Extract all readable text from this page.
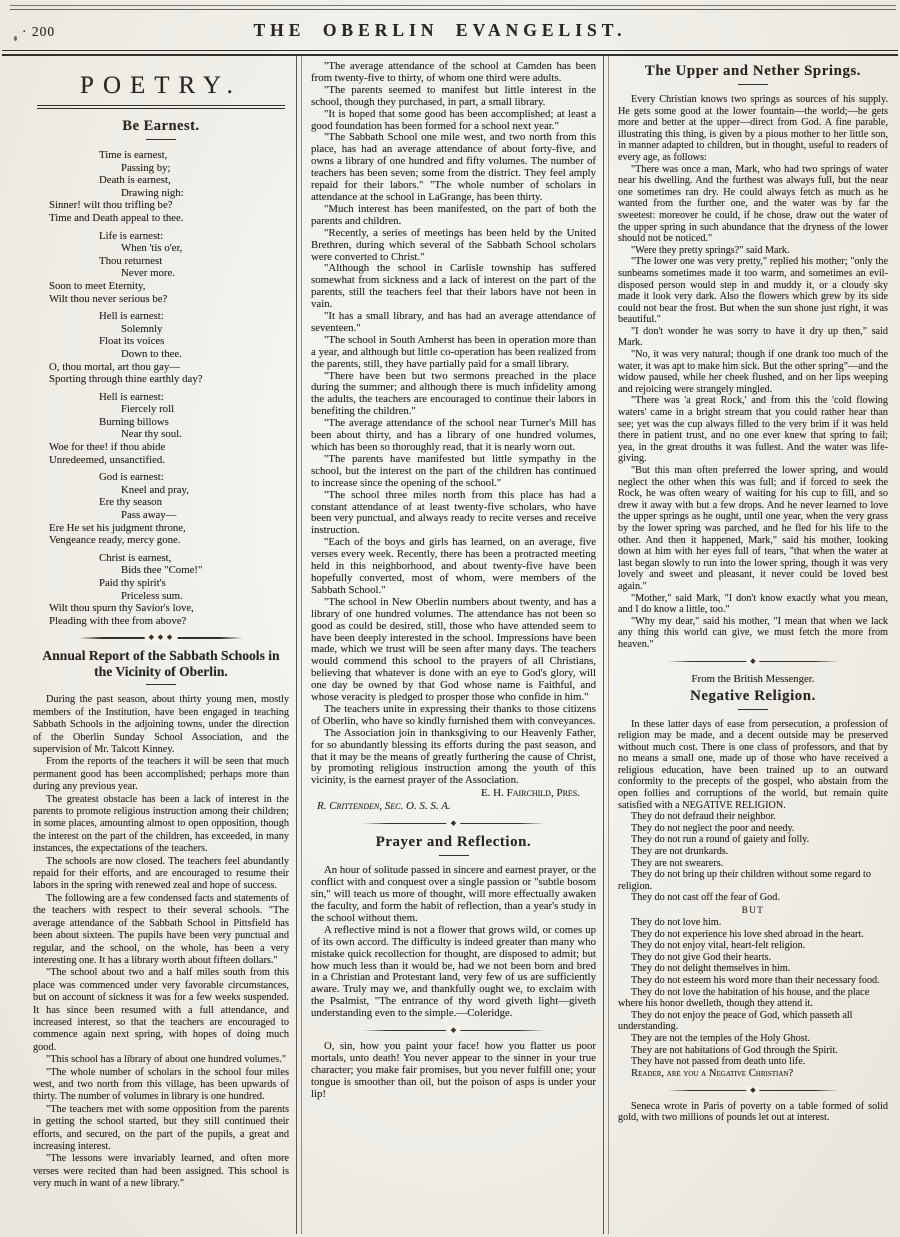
· 200	THE OBERLIN EVANGELIST.
POETRY.
Be Earnest.
Time is earnest,
Passing by;
Death is earnest,
Drawing nigh:
Sinner! wilt thou trifling be?
Time and Death appeal to thee.
Life is earnest:
When 'tis o'er,
Thou returnest
Never more.
Soon to meet Eternity,
Wilt thou never serious be?
Hell is earnest:
Solemnly
Float its voices
Down to thee.
O, thou mortal, art thou gay—
Sporting through thine earthly day?
Hell is earnest:
Fiercely roll
Burning billows
Near thy soul.
Woe for thee! if thou abide
Unredeemed, unsanctified.
God is earnest:
Kneel and pray,
Ere thy season
Pass away—
Ere He set his judgment throne,
Vengeance ready, mercy gone.
Christ is earnest,
Bids thee "Come!"
Paid thy spirit's
Priceless sum.
Wilt thou spurn thy Savior's love,
Pleading with thee from above?
◆ ◆ ◆
Annual Report of the Sabbath Schools in the Vicinity of Oberlin.

During the past season, about thirty young men, mostly members of the Institution, have been engaged in teaching Sabbath Schools in the adjoining towns, under the direction of the Oberlin Sunday School Association, and the supervision of Mr. Talcott Kinney.

From the reports of the teachers it will be seen that much permanent good has been accomplished; perhaps more than during any previous year.

The greatest obstacle has been a lack of interest in the parents to promote religious instruction among their children; in some places, amounting almost to open opposition, though the interest on the part of the children, has exceeded, in many instances, the expectations of the teachers.

The schools are now closed. The teachers feel abundantly repaid for their efforts, and are encouraged to resume their labors in the spring with renewed zeal and hope of success.

The following are a few condensed facts and statements of the teachers with respect to their several schools. "The average attendance of the Sabbath School in Pittsfield has been about sixteen. The pupils have been very punctual and regular, and the school, on the whole, has been a very interesting one. It has a library worth about fifteen dollars."

"The school about two and a half miles south from this place was commenced under very favorable circumstances, but on account of sickness it was for a few weeks suspended. It has since been resumed with a full attendance, and increased interest, so that the teachers are encouraged to commence again next spring, with hopes of doing much good.

"This school has a library of about one hundred volumes."

"The whole number of scholars in the school four miles west, and two north from this village, has been upwards of thirty. The number of volumes in library is one hundred.

"The teachers met with some opposition from the parents in getting the school started, but they still continued their efforts, and secured, on the part of the pupils, a great and increasing interest.

"The lessons were invariably learned, and often more verses were recited than had been assigned. This school is very much in want of a new library."

"The average attendance of the school at Camden has been from twenty-five to thirty, of whom one third were adults.

"The parents seemed to manifest but little interest in the school, though they purchased, in part, a small library.

"It is hoped that some good has been accomplished; at least a good foundation has been formed for a school next year."

"The Sabbath School one mile west, and two north from this place, has had an average attendance of about forty-five, and owns a library of one hundred and fifty volumes. The number of teachers has been seven; some from the district. They feel amply repaid for their labors." "The whole number of scholars in attendance at the school in LaGrange, has been thirty.

"Much interest has been manifested, on the part of both the parents and children.

"Recently, a series of meetings has been held by the United Brethren, during which several of the Sabbath School scholars were converted to Christ."

"Although the school in Carlisle township has suffered somewhat from sickness and a lack of interest on the part of the parents, still the teachers feel that their labors have not been in vain.

"It has a small library, and has had an average attendance of seventeen."

"The school in South Amherst has been in operation more than a year, and although but little co-operation has been realized from the parents, still, they have partially paid for a small library.

"There have been but two sermons preached in the place during the summer; and although there is much infidelity among the adults, the teachers are encouraged to continue their labors in benefiting the children."

"The average attendance of the school near Turner's Mill has been about thirty, and has a library of one hundred volumes, which has been so thoroughly read, that it is nearly worn out.

"The parents have manifested but little sympathy in the school, but the interest on the part of the children has continued to increase since the opening of the school."

"The school three miles north from this place has had a constant attendance of at least twenty-five scholars, who have been very punctual, and always ready to recite verses and receive instruction.

"Each of the boys and girls has learned, on an average, five verses every week. Recently, there has been a protracted meeting held in this neighborhood, and about twenty-five have been hopefully converted, most of whom, were members of the Sabbath School."

"The school in New Oberlin numbers about twenty, and has a library of one hundred volumes. The attendance has not been so good as could be desired, still, those who have attended seem to have been deeply interested in the school. Impressions have been made, which we trust will be seen after many days. The teachers would commend this school to the prayers of all Christians, believing that whatever is done with an eye to God's glory, will one day be owned by that God whose name is Faithful, and whose veracity is pledged to prosper those who confide in him."

The teachers unite in expressing their thanks to those citizens of Oberlin, who have so kindly furnished them with conveyances.

The Association join in thanksgiving to our Heavenly Father, for so abundantly blessing its efforts during the past season, and that it may be the means of greatly furthering the cause of Christ, by promoting religious instruction among the youth of this vicinity, is the earnest prayer of the Association.

E. H. Fairchild, Pres.
R. Crittenden, Sec. O. S. S. A.
◆
Prayer and Reflection.

An hour of solitude passed in sincere and earnest prayer, or the conflict with and conquest over a single passion or "subtle bosom sin," will teach us more of thought, will more effectually awaken the faculty, and form the habit of reflection, than a year's study in the school without them.

A reflective mind is not a flower that grows wild, or comes up of its own accord. The difficulty is indeed greater than many who mistake quick recollection for thought, are disposed to admit; but how much less than it would be, had we not been born and bred in a Christian and Protestant land, very few of us are sufficiently aware. Truly may we, and thankfully ought we, to exclaim with the Psalmist, "The entrance of thy word giveth light—giveth understanding even to the simple.—Coleridge.

◆

O, sin, how you paint your face! how you flatter us poor mortals, unto death! You never appear to the sinner in your true character; you make fair promises, but you never fulfill one; your tongue is smoother than oil, but the poison of asps is under your lip!

The Upper and Nether Springs.

Every Christian knows two springs as sources of his supply. He gets some good at the lower fountain—the world;—he gets more and better at the upper—direct from God. A fine parable, illustrating this thing, is given by a pious mother to her little son, in manner adapted to children, but in thought, useful to readers of every age, as follows:

"There was once a man, Mark, who had two springs of water near his dwelling. And the furthest was always full, but the near one sometimes ran dry. He could always fetch as much as he wanted from the further one, and the water was by far the sweetest: moreover he could, if he chose, draw out the water of the upper spring in such abundance that the dryness of the lower should not be noticed."

"Were they pretty springs?" said Mark.

"The lower one was very pretty," replied his mother; "only the sunbeams sometimes made it too warm, and sometimes an evil-disposed person would step in and muddy it, or a cloudy sky made it look very dark. Also the flowers which grew by its side could not bear the frost. But when the sun shone just right, it was beautiful."

"I don't wonder he was sorry to have it dry up then," said Mark.

"No, it was very natural; though if one drank too much of the water, it was apt to make him sick. But the other spring"—and the widow paused, while her cheek flushed, and on her lips weeping and rejoicing were strangely mingled.

"There was 'a great Rock,' and from this the 'cold flowing waters' came in a bright stream that you could rather hear than see; yet was the cup always filled to the very brim if it was held there in patient trust, and no one ever knew that spring to fail; yea, in the great drouths it was fullest. And the water was life-giving.

"But this man often preferred the lower spring, and would neglect the other when this was full; and if forced to seek the Rock, he was often weary of waiting for his cup to fill, and so drew it away with but a few drops. And he never learned to love the upper springs as he ought, until one year, when the very grass by the lower spring was parched, and he fled for his life to the other. And then it happened, Mark," said his mother, looking down at him with her eyes full of tears, "that when the water at last began slowly to run into the lower spring, though it was very lovely and sweet and pleasant, it never could be loved best again."

"Mother," said Mark, "I don't know exactly what you mean, and I do know a little, too."

"Why my dear," said his mother, "I mean that when we lack any thing this world can give, we must fetch the more from heaven."

◆
From the British Messenger.
Negative Religion.

In these latter days of ease from persecution, a profession of religion may be made, and a decent outside may be preserved without much cost. There is one class of professors, and that by no means a small one, made up of those who have received a religious education, have been trained up to an outward conformity to the precepts of the gospel, who abstain from the open follies and corruptions of the world, but remain quite satisfied with a NEGATIVE RELIGION.

They do not defraud their neighbor.

They do not neglect the poor and needy.

They do not run a round of gaiety and folly.

They are not drunkards.

They are not swearers.

They do not bring up their children without some regard to religion.

They do not cast off the fear of God.

BUT

They do not love him.

They do not experience his love shed abroad in the heart.

They do not enjoy vital, heart-felt religion.

They do not give God their hearts.

They do not delight themselves in him.

They do not esteem his word more than their necessary food.

They do not love the habitation of his house, and the place where his honor dwelleth, though they attend it.

They do not enjoy the peace of God, which passeth all understanding.

They are not the temples of the Holy Ghost.

They are not habitations of God through the Spirit.

They have not passed from death unto life.

Reader, are you a Negative Christian?

◆

Seneca wrote in Paris of poverty on a table formed of solid gold, with two millions of pounds let out at interest.
